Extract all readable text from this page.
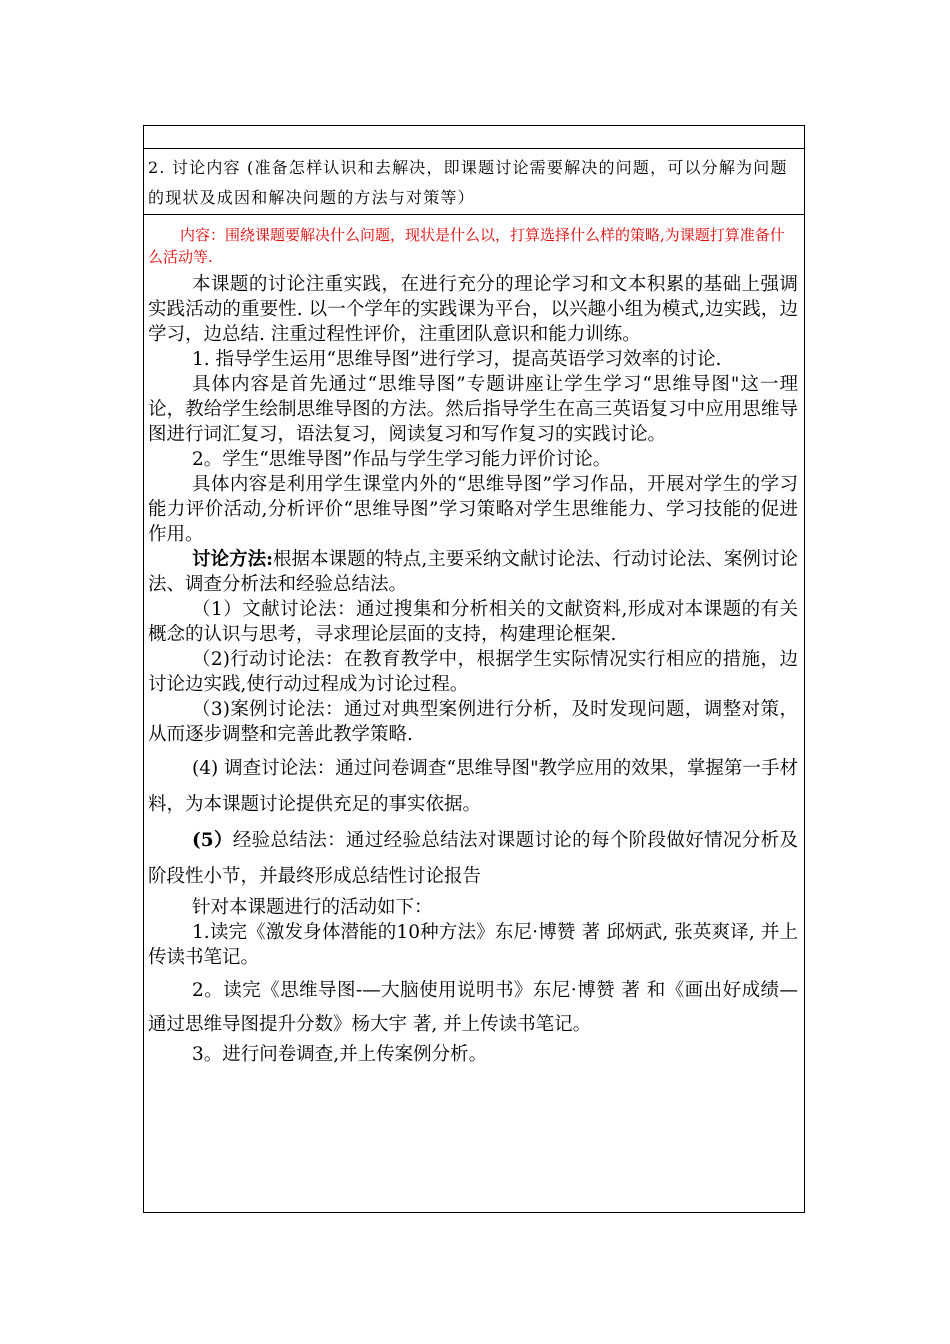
2. 讨论内容 (准备怎样认识和去解决，即课题讨论需要解决的问题，可以分解为问题的现状及成因和解决问题的方法与对策等）
内容：围绕课题要解决什么问题，现状是什么以，打算选择什么样的策略,为课题打算准备什么活动等.

本课题的讨论注重实践，在进行充分的理论学习和文本积累的基础上强调实践活动的重要性. 以一个学年的实践课为平台，以兴趣小组为模式,边实践，边学习，边总结. 注重过程性评价，注重团队意识和能力训练。

1. 指导学生运用“思维导图”进行学习，提高英语学习效率的讨论.

具体内容是首先通过“思维导图”专题讲座让学生学习“思维导图"这一理论，教给学生绘制思维导图的方法。然后指导学生在高三英语复习中应用思维导图进行词汇复习，语法复习，阅读复习和写作复习的实践讨论。

2。学生“思维导图”作品与学生学习能力评价讨论。

具体内容是利用学生课堂内外的“思维导图”学习作品，开展对学生的学习能力评价活动,分析评价“思维导图”学习策略对学生思维能力、学习技能的促进作用。

讨论方法:根据本课题的特点,主要采纳文献讨论法、行动讨论法、案例讨论法、调查分析法和经验总结法。

（1）文献讨论法：通过搜集和分析相关的文献资料,形成对本课题的有关概念的认识与思考，寻求理论层面的支持，构建理论框架.

（2)行动讨论法：在教育教学中，根据学生实际情况实行相应的措施，边讨论边实践,使行动过程成为讨论过程。

（3)案例讨论法：通过对典型案例进行分析，及时发现问题，调整对策，从而逐步调整和完善此教学策略.

(4) 调查讨论法：通过问卷调查“思维导图"教学应用的效果，掌握第一手材料，为本课题讨论提供充足的事实依据。

(5）经验总结法：通过经验总结法对课题讨论的每个阶段做好情况分析及阶段性小节，并最终形成总结性讨论报告

针对本课题进行的活动如下：

1.读完《激发身体潜能的10种方法》东尼·博赞 著 邱炳武, 张英爽译, 并上传读书笔记。

2。读完《思维导图-—大脑使用说明书》东尼·博赞 著 和《画出好成绩—通过思维导图提升分数》杨大宇 著, 并上传读书笔记。

3。进行问卷调查,并上传案例分析。
